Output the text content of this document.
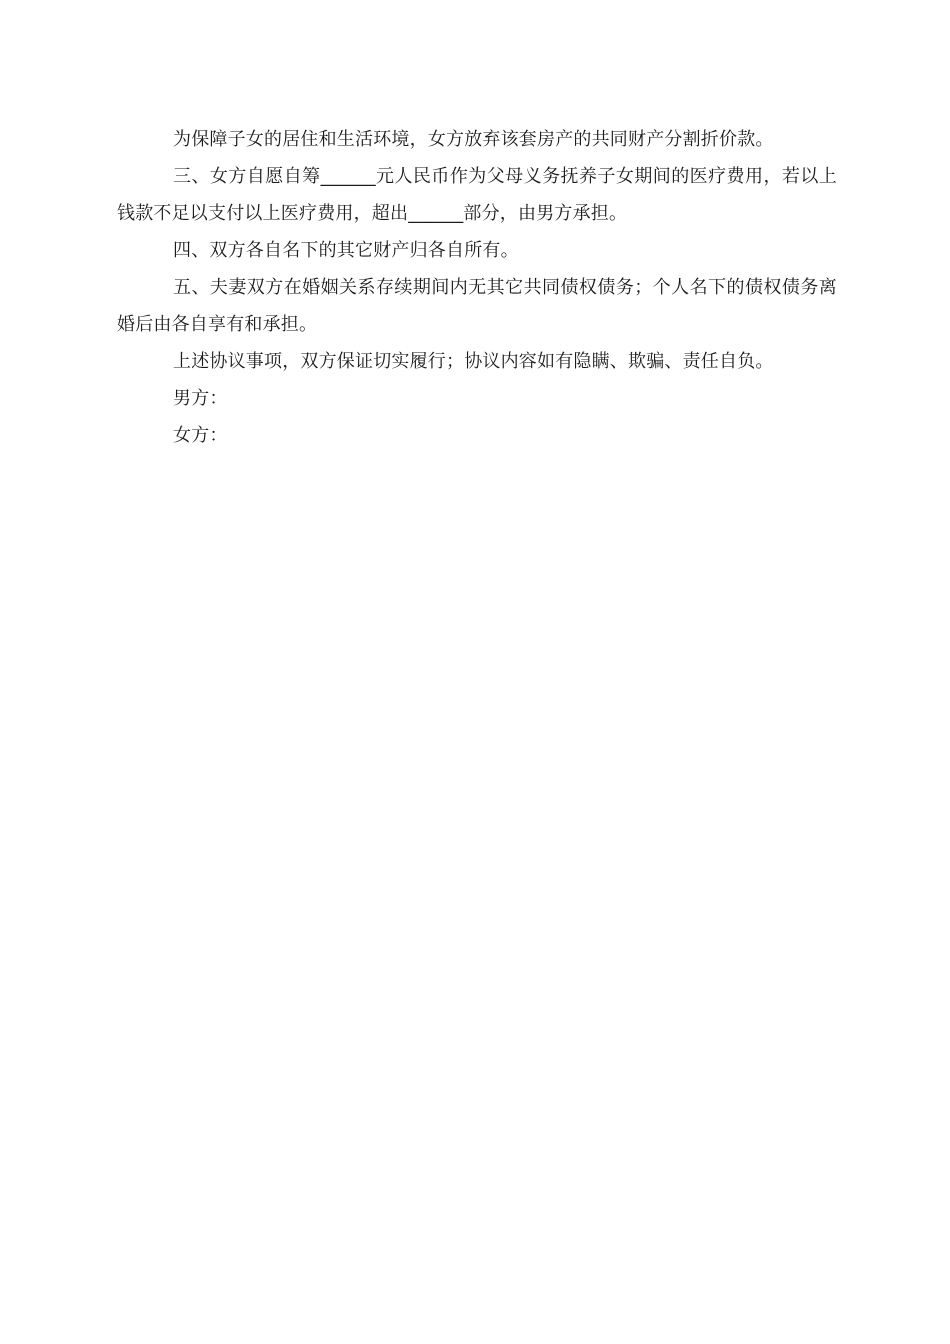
为保障子女的居住和生活环境，女方放弃该套房产的共同财产分割折价款。

三、女方自愿自筹______元人民币作为父母义务抚养子女期间的医疗费用，若以上钱款不足以支付以上医疗费用，超出______部分，由男方承担。

四、双方各自名下的其它财产归各自所有。

五、夫妻双方在婚姻关系存续期间内无其它共同债权债务；个人名下的债权债务离婚后由各自享有和承担。

上述协议事项，双方保证切实履行；协议内容如有隐瞒、欺骗、责任自负。

男方：

女方：
